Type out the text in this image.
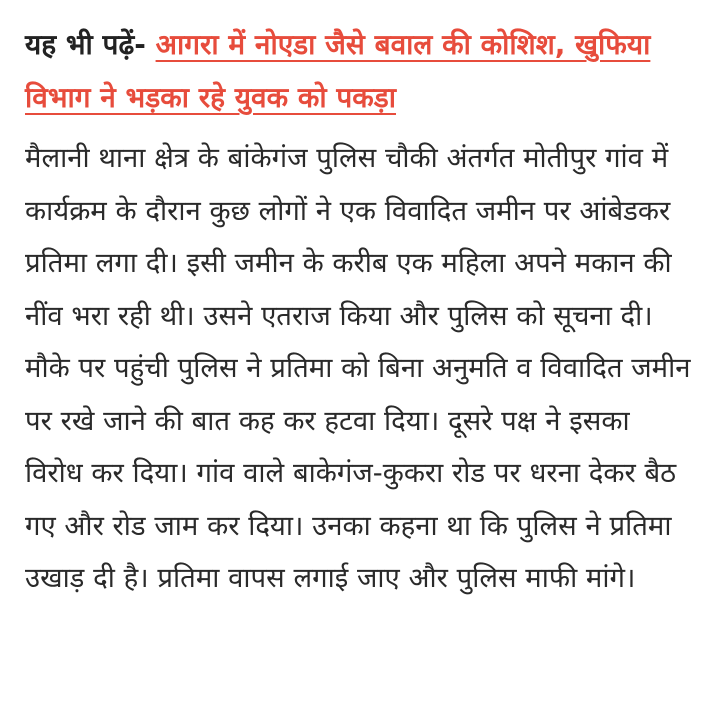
यह भी पढ़ें- आगरा में नोएडा जैसे बवाल की कोशिश, खुफिया विभाग ने भड़का रहे युवक को पकड़ा

मैलानी थाना क्षेत्र के बांकेगंज पुलिस चौकी अंतर्गत मोतीपुर गांव में कार्यक्रम के दौरान कुछ लोगों ने एक विवादित जमीन पर आंबेडकर प्रतिमा लगा दी। इसी जमीन के करीब एक महिला अपने मकान की नींव भरा रही थी। उसने एतराज किया और पुलिस को सूचना दी। मौके पर पहुंची पुलिस ने प्रतिमा को बिना अनुमति व विवादित जमीन पर रखे जाने की बात कह कर हटवा दिया। दूसरे पक्ष ने इसका विरोध कर दिया। गांव वाले बाकेगंज-कुकरा रोड पर धरना देकर बैठ गए और रोड जाम कर दिया। उनका कहना था कि पुलिस ने प्रतिमा उखाड़ दी है। प्रतिमा वापस लगाई जाए और पुलिस माफी मांगे।
